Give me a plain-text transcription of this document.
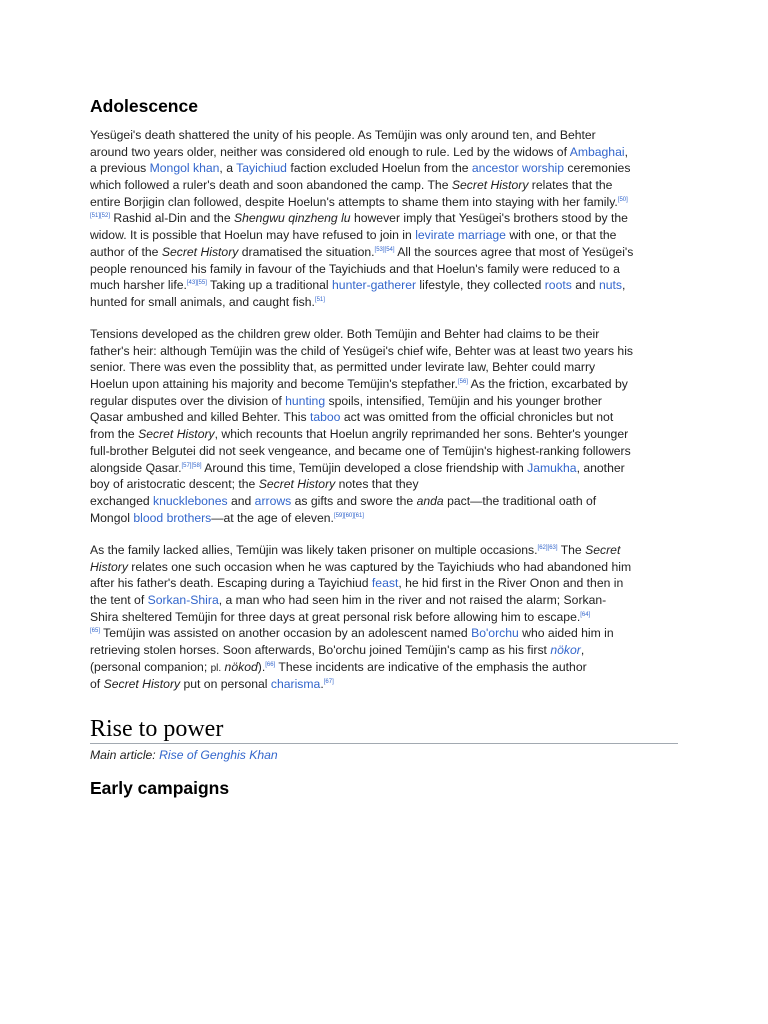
Adolescence
Yesügei's death shattered the unity of his people. As Temüjin was only around ten, and Behter
around two years older, neither was considered old enough to rule. Led by the widows of Ambaghai,
a previous Mongol khan, a Tayichiud faction excluded Hoelun from the ancestor worship ceremonies
which followed a ruler's death and soon abandoned the camp. The Secret History relates that the
entire Borjigin clan followed, despite Hoelun's attempts to shame them into staying with her family.[50]
[51][52] Rashid al-Din and the Shengwu qinzheng lu however imply that Yesügei's brothers stood by the
widow. It is possible that Hoelun may have refused to join in levirate marriage with one, or that the
author of the Secret History dramatised the situation.[53][54] All the sources agree that most of Yesügei's
people renounced his family in favour of the Tayichiuds and that Hoelun's family were reduced to a
much harsher life.[43][55] Taking up a traditional hunter-gatherer lifestyle, they collected roots and nuts,
hunted for small animals, and caught fish.[51]
Tensions developed as the children grew older. Both Temüjin and Behter had claims to be their
father's heir: although Temüjin was the child of Yesügei's chief wife, Behter was at least two years his
senior. There was even the possiblity that, as permitted under levirate law, Behter could marry
Hoelun upon attaining his majority and become Temüjin's stepfather.[56] As the friction, excarbated by
regular disputes over the division of hunting spoils, intensified, Temüjin and his younger brother
Qasar ambushed and killed Behter. This taboo act was omitted from the official chronicles but not
from the Secret History, which recounts that Hoelun angrily reprimanded her sons. Behter's younger
full-brother Belgutei did not seek vengeance, and became one of Temüjin's highest-ranking followers
alongside Qasar.[57][58] Around this time, Temüjin developed a close friendship with Jamukha, another
boy of aristocratic descent; the Secret History notes that they
exchanged knucklebones and arrows as gifts and swore the anda pact—the traditional oath of
Mongol blood brothers—at the age of eleven.[59][60][61]
As the family lacked allies, Temüjin was likely taken prisoner on multiple occasions.[62][63] The Secret
History relates one such occasion when he was captured by the Tayichiuds who had abandoned him
after his father's death. Escaping during a Tayichiud feast, he hid first in the River Onon and then in
the tent of Sorkan-Shira, a man who had seen him in the river and not raised the alarm; Sorkan-
Shira sheltered Temüjin for three days at great personal risk before allowing him to escape.[64]
[65] Temüjin was assisted on another occasion by an adolescent named Bo'orchu who aided him in
retrieving stolen horses. Soon afterwards, Bo'orchu joined Temüjin's camp as his first nökor,
(personal companion; pl. nökod).[66] These incidents are indicative of the emphasis the author
of Secret History put on personal charisma.[67]
Rise to power
Main article: Rise of Genghis Khan
Early campaigns
